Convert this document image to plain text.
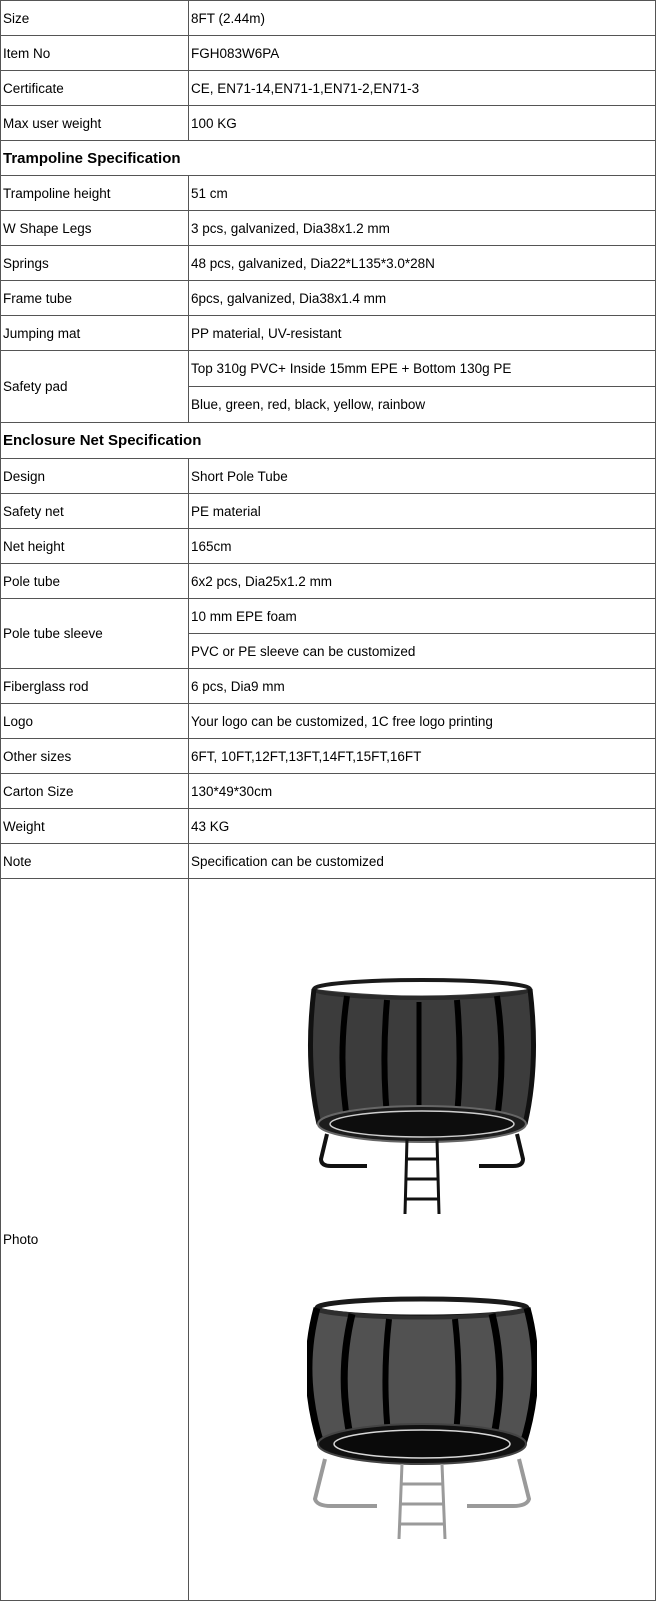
Size	8FT (2.44m)
Item No	FGH083W6PA
Certificate	CE, EN71-14,EN71-1,EN71-2,EN71-3
Max user weight	100 KG
Trampoline Specification	
Trampoline height	51 cm
W Shape Legs	3 pcs, galvanized, Dia38x1.2 mm
Springs	48 pcs, galvanized, Dia22*L135*3.0*28N
Frame tube	6pcs, galvanized, Dia38x1.4 mm
Jumping mat	PP material, UV-resistant
Safety pad	Top 310g PVC+ Inside 15mm EPE + Bottom 130g PE
	Blue, green, red, black, yellow, rainbow
Enclosure Net Specification	
Design	Short Pole Tube
Safety net	PE material
Net height	165cm
Pole tube	6x2 pcs, Dia25x1.2 mm
Pole tube sleeve	10 mm EPE foam
	PVC or PE sleeve can be customized
Fiberglass rod	6 pcs, Dia9 mm
Logo	Your logo can be customized, 1C free logo printing
Other sizes	6FT, 10FT,12FT,13FT,14FT,15FT,16FT
Carton Size	130*49*30cm
Weight	43 KG
Note	Specification can be customized
Photo	
